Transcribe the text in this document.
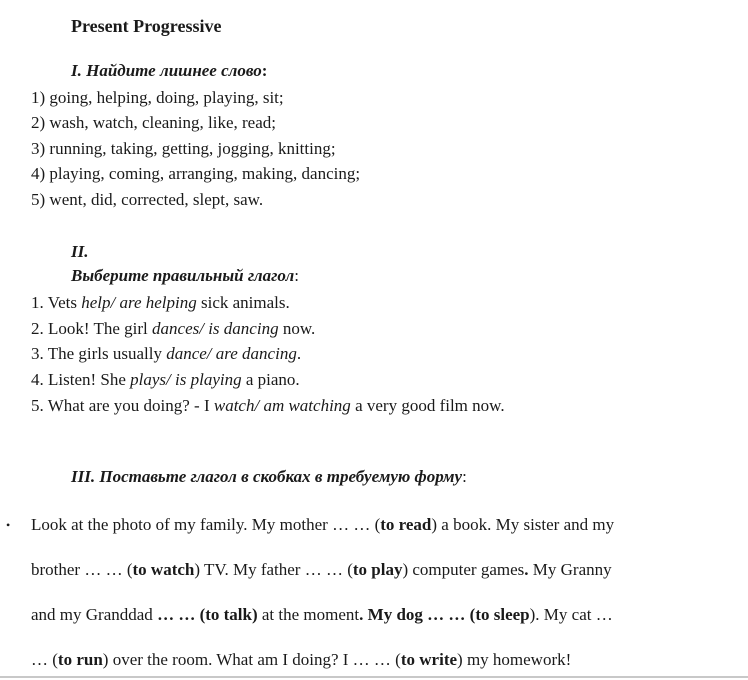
Present Progressive
I. Найдите лишнее слово:
1) going, helping, doing, playing, sit;
2) wash, watch, cleaning, like, read;
3) running, taking, getting, jogging, knitting;
4) playing, coming, arranging, making, dancing;
5) went, did, corrected, slept, saw.
II.
Выберите правильный глагол:
1. Vets help/ are helping sick animals.
2. Look! The girl dances/ is dancing now.
3. The girls usually dance/ are dancing.
4. Listen! She plays/ is playing a piano.
5. What are you doing? - I watch/ am watching a very good film now.
III. Поставьте глагол в скобках в требуемую форму:
• Look at the photo of my family. My mother … … (to read) a book. My sister and my
brother … … (to watch) TV. My father … … (to play) computer games. My Granny
and my Granddad … … (to talk) at the moment. My dog … … (to sleep). My cat …
… (to run) over the room. What am I doing? I … … (to write) my homework!
